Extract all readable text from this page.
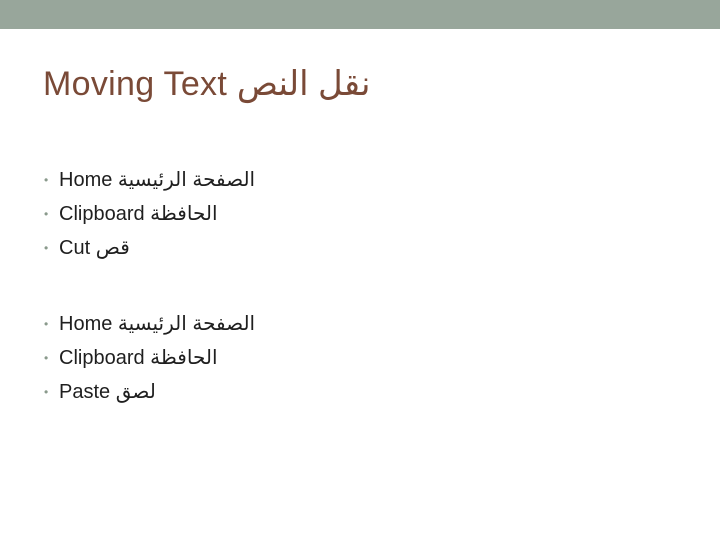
Moving Text نقل النص
• Home الصفحة الرئيسية
• Clipboard الحافظة
• Cut قص
• Home الصفحة الرئيسية
• Clipboard الحافظة
• Paste لصق
